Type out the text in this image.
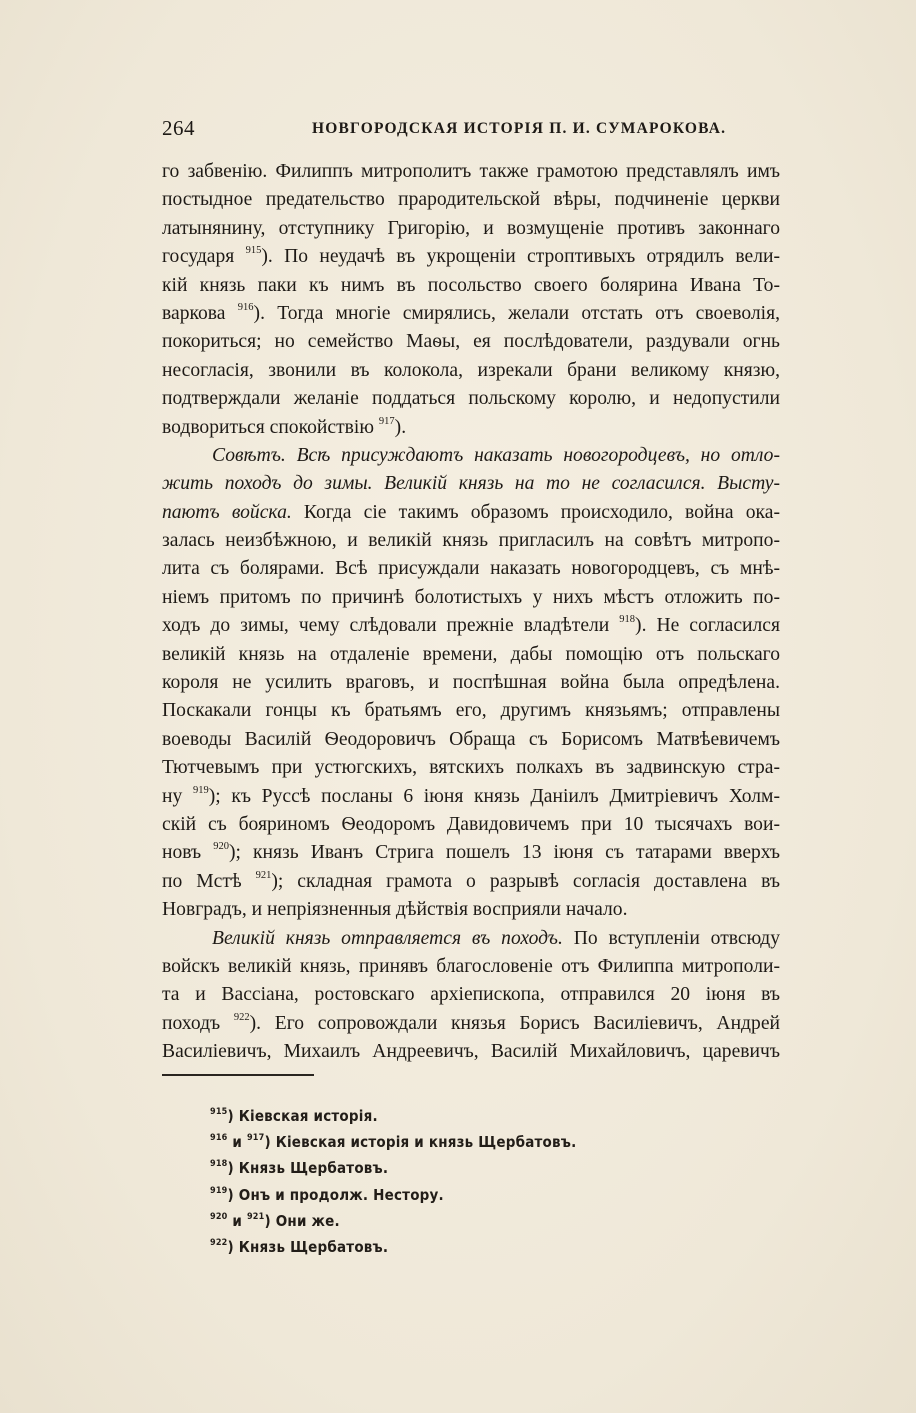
264	НОВГОРОДСКАЯ ИСТОРІЯ П. И. СУМАРОКОВА.
го забвенію. Филиппъ митрополитъ также грамотою представлялъ имъ
постыдное предательство прародительской вѣры, подчиненіе церкви
латынянину, отступнику Григорію, и возмущеніе противъ законнаго
государя $^{915}$). По неудачѣ въ укрощеніи строптивыхъ отрядилъ вели-
кій князь паки къ нимъ въ посольство своего болярина Ивана То-
варкова $^{916}$). Тогда многіе смирялись, желали отстать отъ своеволія,
покориться; но семейство Маѳы, ея послѣдователи, раздували огнь
несогласія, звонили въ колокола, изрекали брани великому князю,
подтверждали желаніе поддаться польскому королю, и недопустили
водвориться спокойствію $^{917}$).
Совѣтъ. Всѣ присуждаютъ наказать новогородцевъ, но отло-
жить походъ до зимы. Великій князь на то не согласился. Высту-
паютъ войска. Когда сіе такимъ образомъ происходило, война ока-
залась неизбѣжною, и великій князь пригласилъ на совѣтъ митропо-
лита съ болярами. Всѣ присуждали наказать новогородцевъ, съ мнѣ-
ніемъ притомъ по причинѣ болотистыхъ у нихъ мѣстъ отложить по-
ходъ до зимы, чему слѣдовали прежніе владѣтели $^{918}$). Не согласился
великій князь на отдаленіе времени, дабы помощію отъ польскаго
короля не усилить враговъ, и поспѣшная война была опредѣлена.
Поскакали гонцы къ братьямъ его, другимъ князьямъ; отправлены
воеводы Василій Ѳеодоровичъ Обраща съ Борисомъ Матвѣевичемъ
Тютчевымъ при устюгскихъ, вятскихъ полкахъ въ задвинскую стра-
ну $^{919}$); къ Руссѣ посланы 6 іюня князь Даніилъ Дмитріевичъ Холм-
скій съ бояриномъ Ѳеодоромъ Давидовичемъ при 10 тысячахъ вои-
новъ $^{920}$); князь Иванъ Стрига пошелъ 13 іюня съ татарами вверхъ
по Мстѣ $^{921}$); складная грамота о разрывѣ согласія доставлена въ
Новградъ, и непріязненныя дѣйствія восприяли начало.
Великій князь отправляется въ походъ. По вступленіи отвсюду
войскъ великій князь, принявъ благословеніе отъ Филиппа митрополи-
та и Вассіана, ростовскаго архіепископа, отправился 20 іюня въ
походъ $^{922}$). Его сопровождали князья Борисъ Василіевичъ, Андрей
Василіевичъ, Михаилъ Андреевичъ, Василій Михайловичъ, царевичъ
$^{915}$) Кіевская исторія.
$^{916}$ и $^{917}$) Кіевская исторія и князь Щербатовъ.
$^{918}$) Князь Щербатовъ.
$^{919}$) Онъ и продолж. Нестору.
$^{920}$ и $^{921}$) Они же.
$^{922}$) Князь Щербатовъ.
